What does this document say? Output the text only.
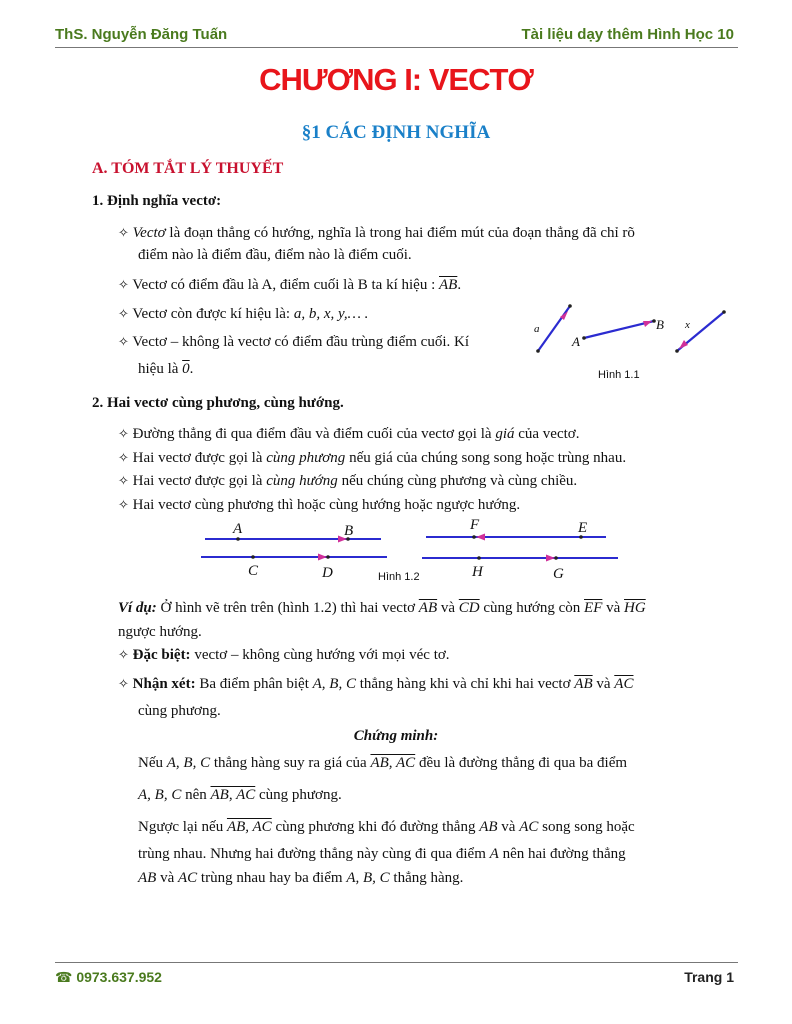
ThS. Nguyễn Đăng Tuấn	Tài liệu dạy thêm Hình Học 10
CHƯƠNG I: VECTƠ
§1 CÁC ĐỊNH NGHĨA
A. TÓM TẮT LÝ THUYẾT
1. Định nghĩa vectơ:
✧ Vectơ là đoạn thẳng có hướng, nghĩa là trong hai điểm mút của đoạn thẳng đã chỉ rõ
điểm nào là điểm đầu, điểm nào là điểm cuối.
✧ Vectơ có điểm đầu là A, điểm cuối là B ta kí hiệu : $\overline{AB}$.
✧ Vectơ còn được kí hiệu là: a, b, x, y,… .
✧ Vectơ – không là vectơ có điểm đầu trùng điểm cuối. Kí
hiệu là 0.
a
A
B x
Hình 1.1
2. Hai vectơ cùng phương, cùng hướng.
✧ Đường thẳng đi qua điểm đầu và điểm cuối của vectơ gọi là giá của vectơ.
✧ Hai vectơ được gọi là cùng phương nếu giá của chúng song song hoặc trùng nhau.
✧ Hai vectơ được gọi là cùng hướng nếu chúng cùng phương và cùng chiều.
✧ Hai vectơ cùng phương thì hoặc cùng hướng hoặc ngược hướng.
A	B
C	D	Hình 1.2
F	E
H	G
Ví dụ: Ở hình vẽ trên trên (hình 1.2) thì hai vectơ $\overline{AB}$ và $\overline{CD}$ cùng hướng còn $\overline{EF}$ và $\overline{HG}$
ngược hướng.
✧ Đặc biệt: vectơ – không cùng hướng với mọi véc tơ.
✧ Nhận xét: Ba điểm phân biệt A, B, C thẳng hàng khi và chỉ khi hai vectơ $\overline{AB}$ và $\overline{AC}$
cùng phương.
Chứng minh:
Nếu A, B, C thẳng hàng suy ra giá của AB, AC đều là đường thẳng đi qua ba điểm
A, B, C nên AB, AC cùng phương.
Ngược lại nếu AB, AC cùng phương khi đó đường thẳng AB và AC song song hoặc
trùng nhau. Nhưng hai đường thẳng này cùng đi qua điểm A nên hai đường thẳng
AB và AC trùng nhau hay ba điểm A, B, C thẳng hàng.
☎ 0973.637.952	Trang 1
